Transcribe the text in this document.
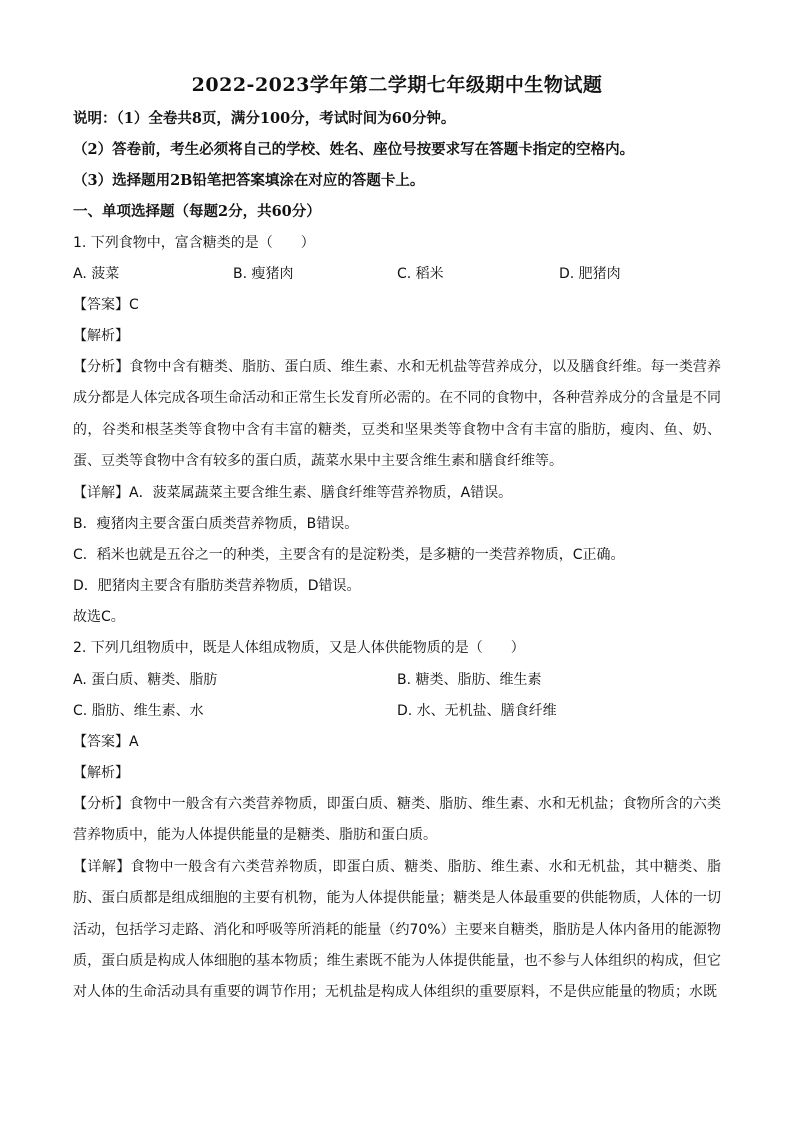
2022-2023学年第二学期七年级期中生物试题
说明：（1）全卷共8页，满分100分，考试时间为60分钟。
（2）答卷前，考生必须将自己的学校、姓名、座位号按要求写在答题卡指定的空格内。
（3）选择题用2B铅笔把答案填涂在对应的答题卡上。
一、单项选择题（每题2分，共60分）
1. 下列食物中，富含糖类的是（　　）
A. 菠菜	B. 瘦猪肉	C. 稻米	D. 肥猪肉
【答案】C
【解析】
【分析】食物中含有糖类、脂肪、蛋白质、维生素、水和无机盐等营养成分，以及膳食纤维。每一类营养成分都是人体完成各项生命活动和正常生长发育所必需的。在不同的食物中，各种营养成分的含量是不同的，谷类和根茎类等食物中含有丰富的糖类，豆类和坚果类等食物中含有丰富的脂肪，瘦肉、鱼、奶、蛋、豆类等食物中含有较多的蛋白质，蔬菜水果中主要含维生素和膳食纤维等。
【详解】A．菠菜属蔬菜主要含维生素、膳食纤维等营养物质，A错误。
B．瘦猪肉主要含蛋白质类营养物质，B错误。
C．稻米也就是五谷之一的种类，主要含有的是淀粉类，是多糖的一类营养物质，C正确。
D．肥猪肉主要含有脂肪类营养物质，D错误。
故选C。
2. 下列几组物质中，既是人体组成物质，又是人体供能物质的是（　　）
A. 蛋白质、糖类、脂肪	B. 糖类、脂肪、维生素
C. 脂肪、维生素、水	D. 水、无机盐、膳食纤维
【答案】A
【解析】
【分析】食物中一般含有六类营养物质，即蛋白质、糖类、脂肪、维生素、水和无机盐；食物所含的六类营养物质中，能为人体提供能量的是糖类、脂肪和蛋白质。
【详解】食物中一般含有六类营养物质，即蛋白质、糖类、脂肪、维生素、水和无机盐，其中糖类、脂肪、蛋白质都是组成细胞的主要有机物，能为人体提供能量；糖类是人体最重要的供能物质，人体的一切活动，包括学习走路、消化和呼吸等所消耗的能量（约70%）主要来自糖类，脂肪是人体内备用的能源物质，蛋白质是构成人体细胞的基本物质；维生素既不能为人体提供能量，也不参与人体组织的构成，但它对人体的生命活动具有重要的调节作用；无机盐是构成人体组织的重要原料，不是供应能量的物质；水既
